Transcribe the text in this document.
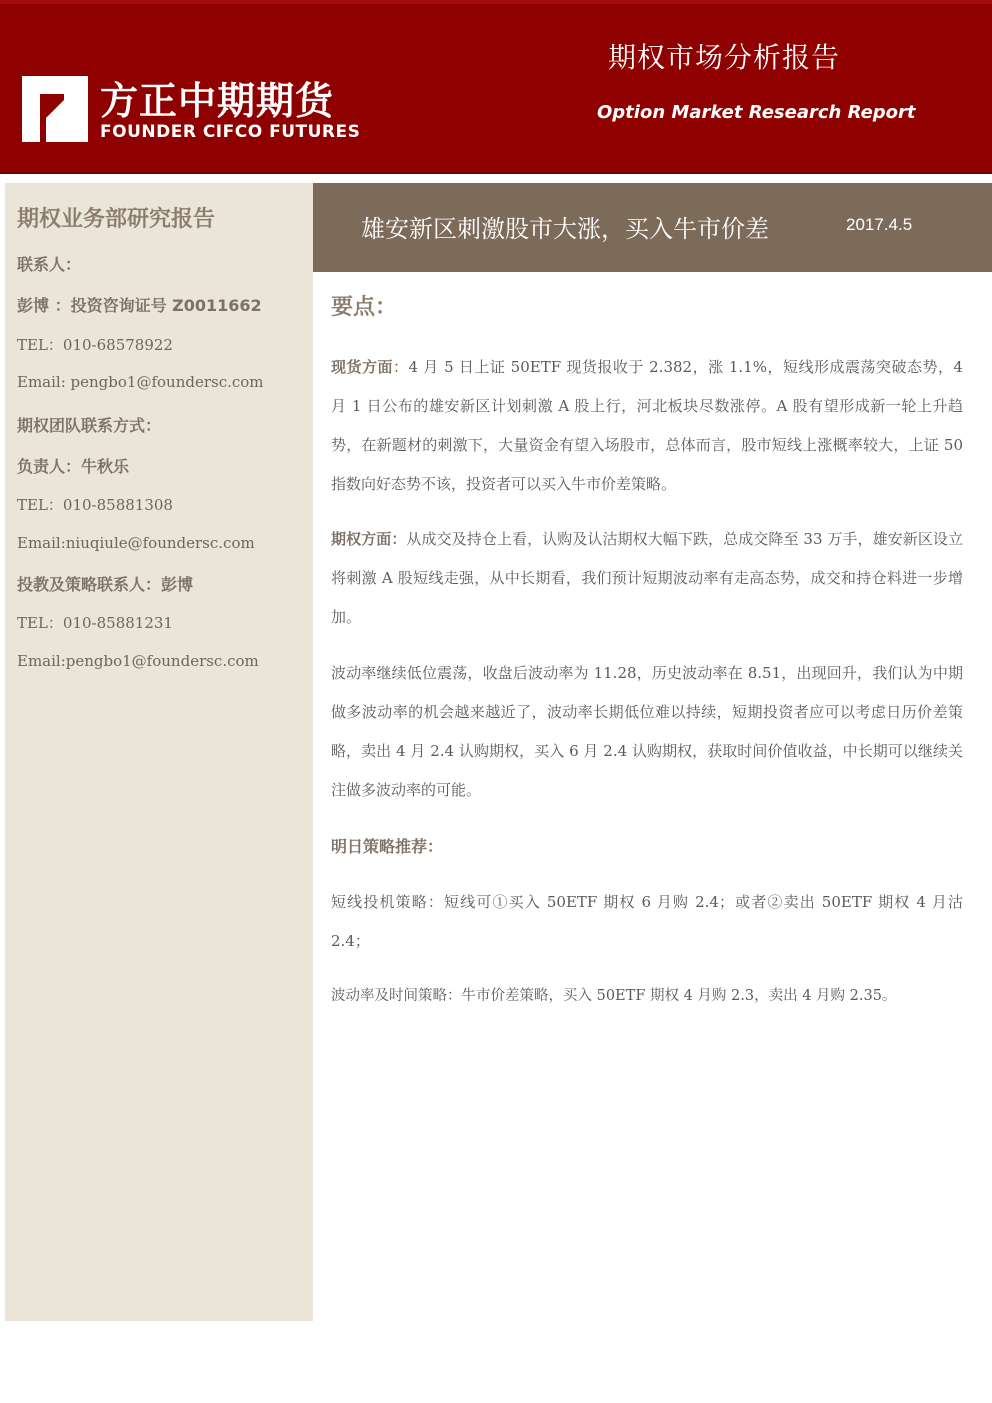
方正中期期货
FOUNDER CIFCO FUTURES
期权市场分析报告
Option Market Research Report
期权业务部研究报告
联系人：
彭博 ：投资咨询证号 Z0011662
TEL：010-68578922
Email: pengbo1@foundersc.com
期权团队联系方式：
负责人：牛秋乐
TEL：010-85881308
Email:niuqiule@foundersc.com
投教及策略联系人：彭博
TEL：010-85881231
Email:pengbo1@foundersc.com
雄安新区刺激股市大涨，买入牛市价差	2017.4.5
要点：
现货方面：4 月 5 日上证 50ETF 现货报收于 2.382，涨 1.1%，短线形成震荡突破态势，4 月 1 日公布的雄安新区计划刺激 A 股上行，河北板块尽数涨停。A 股有望形成新一轮上升趋势，在新题材的刺激下，大量资金有望入场股市，总体而言，股市短线上涨概率较大，上证 50 指数向好态势不该，投资者可以买入牛市价差策略。
期权方面：从成交及持仓上看，认购及认沽期权大幅下跌，总成交降至 33 万手，雄安新区设立将刺激 A 股短线走强，从中长期看，我们预计短期波动率有走高态势，成交和持仓料进一步增加。
波动率继续低位震荡，收盘后波动率为 11.28，历史波动率在 8.51，出现回升，我们认为中期做多波动率的机会越来越近了，波动率长期低位难以持续，短期投资者应可以考虑日历价差策略，卖出 4 月 2.4 认购期权，买入 6 月 2.4 认购期权，获取时间价值收益，中长期可以继续关注做多波动率的可能。
明日策略推荐：
短线投机策略：短线可①买入 50ETF 期权 6 月购 2.4；或者②卖出 50ETF 期权 4 月沽 2.4；
波动率及时间策略：牛市价差策略，买入 50ETF 期权 4 月购 2.3，卖出 4 月购 2.35。
